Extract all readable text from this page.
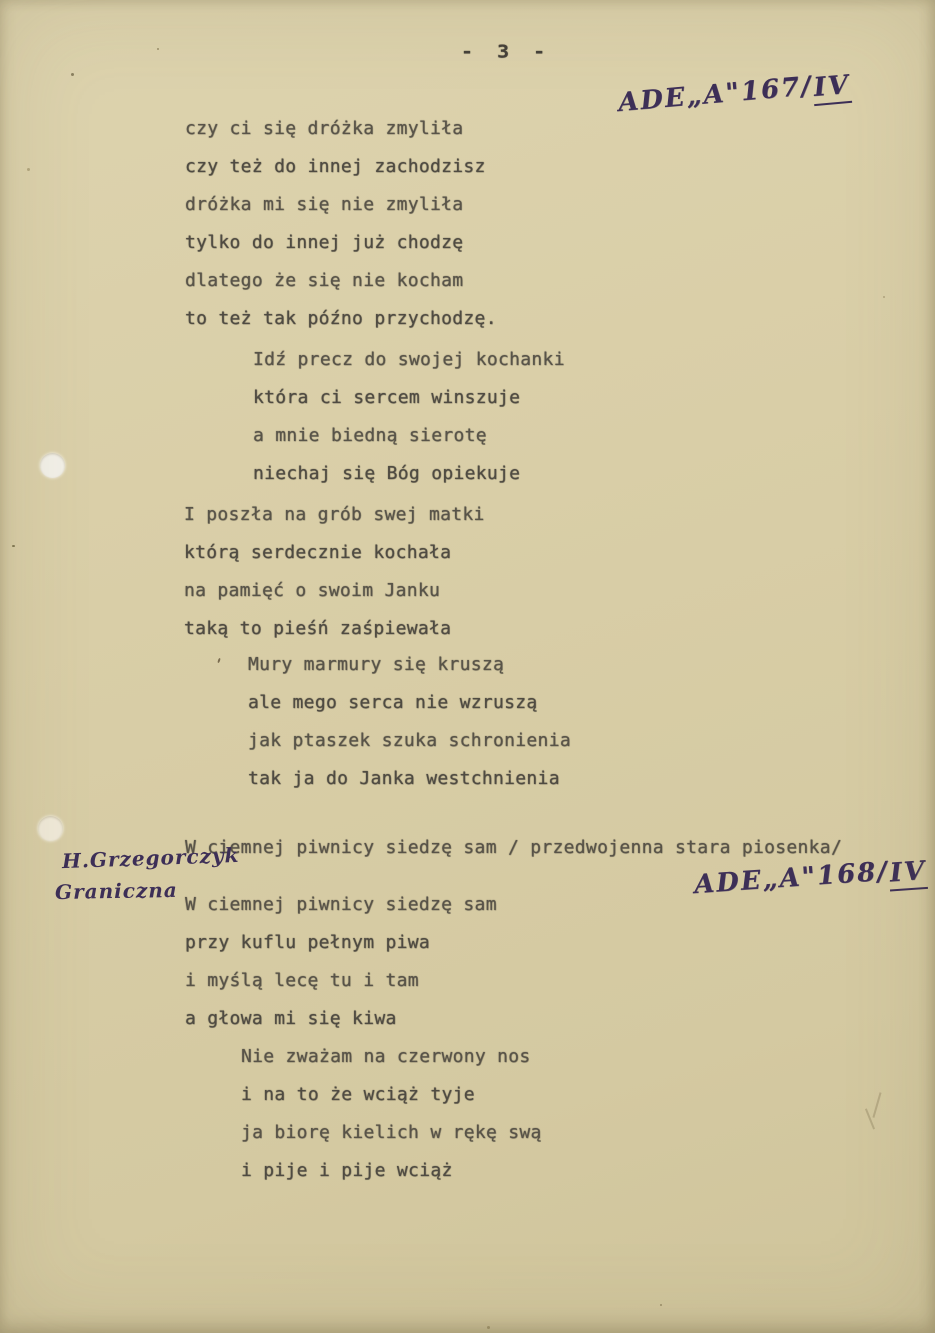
- 3 -
ADE„A"167/IV
czy ci się dróżka zmyliła
czy też do innej zachodzisz
dróżka mi się nie zmyliła
tylko do innej już chodzę
dlatego że się nie kocham
to też tak późno przychodzę.
Idź precz do swojej kochanki
która ci sercem winszuje
a mnie biedną sierotę
niechaj się Bóg opiekuje
I poszła na grób swej matki
którą serdecznie kochała
na pamięć o swoim Janku
taką to pieśń zaśpiewała
Mury marmury się kruszą
ale mego serca nie wzruszą
jak ptaszek szuka schronienia
tak ja do Janka westchnienia
W ciemnej piwnicy siedzę sam / przedwojenna stara piosenka/
H.Grzegorczyk
Graniczna	ADE„A"168/IV
W ciemnej piwnicy siedzę sam
przy kuflu pełnym piwa
i myślą lecę tu i tam
a głowa mi się kiwa
Nie zważam na czerwony nos
i na to że wciąż tyje
ja biorę kielich w rękę swą
i pije i pije wciąż
